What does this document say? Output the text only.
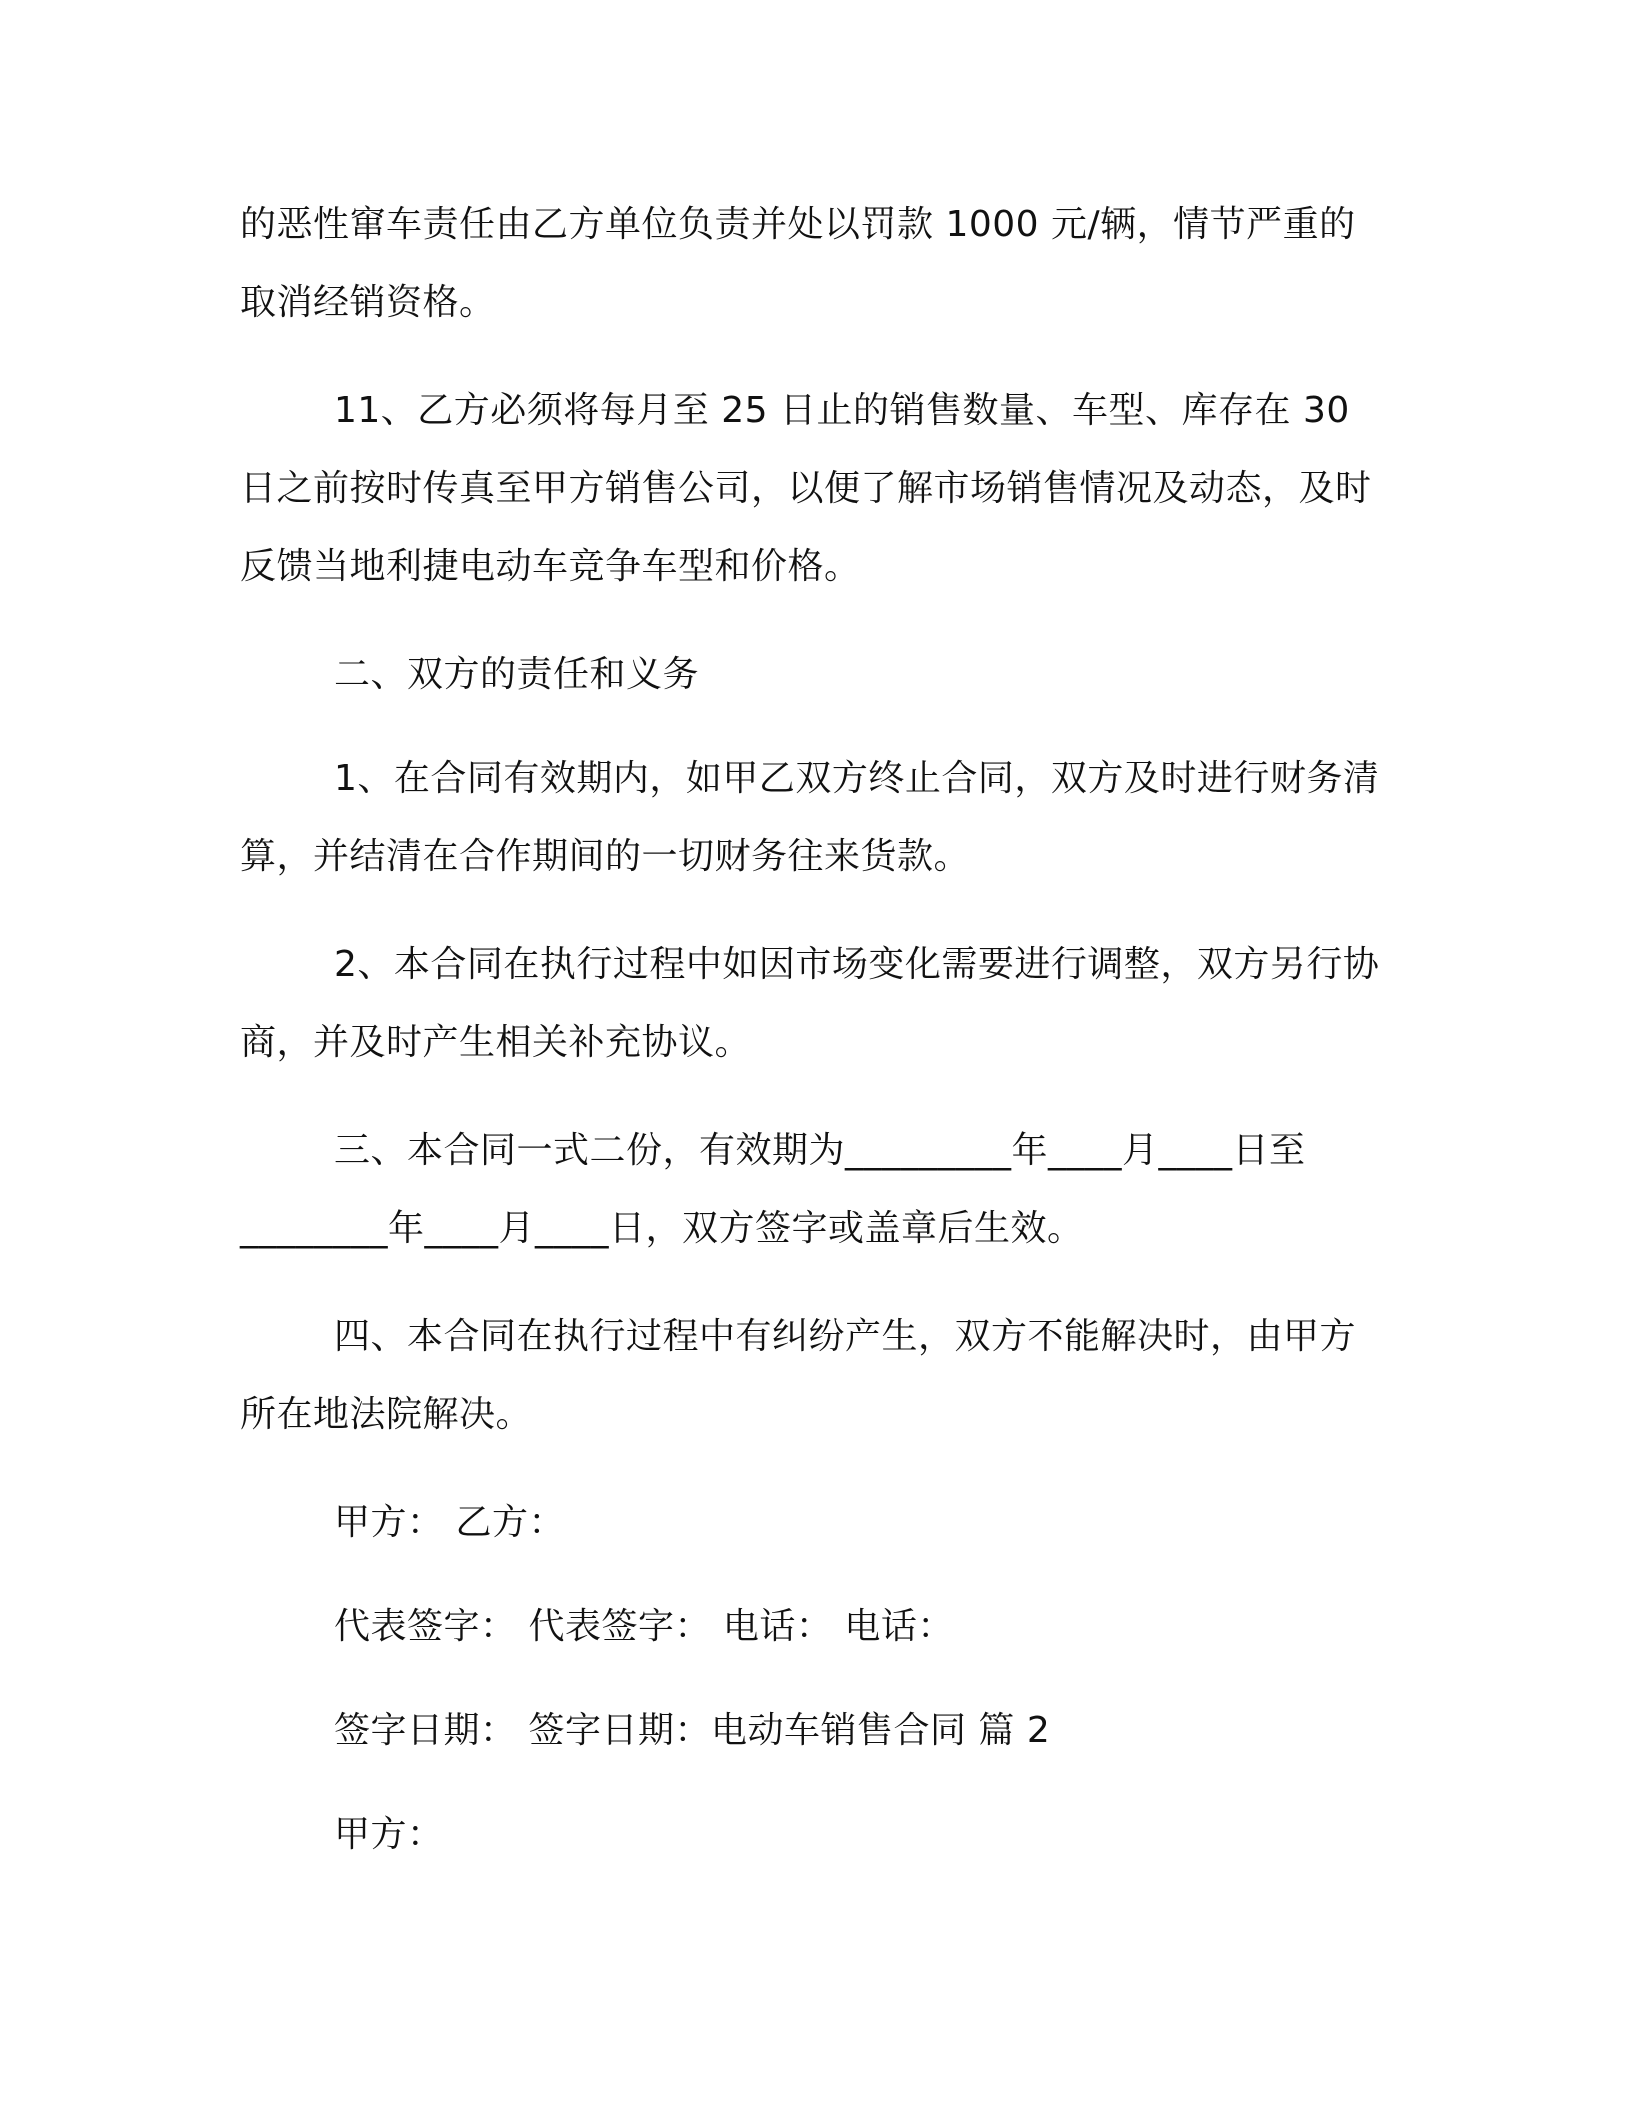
的恶性窜车责任由乙方单位负责并处以罚款 1000 元/辆，情节严重的取消经销资格。

11、乙方必须将每月至 25 日止的销售数量、车型、库存在 30 日之前按时传真至甲方销售公司，以便了解市场销售情况及动态，及时反馈当地利捷电动车竞争车型和价格。

二、双方的责任和义务

1、在合同有效期内，如甲乙双方终止合同，双方及时进行财务清算，并结清在合作期间的一切财务往来货款。

2、本合同在执行过程中如因市场变化需要进行调整，双方另行协商，并及时产生相关补充协议。

三、本合同一式二份，有效期为_________年____月____日至________年____月____日，双方签字或盖章后生效。

四、本合同在执行过程中有纠纷产生，双方不能解决时，由甲方所在地法院解决。

甲方： 乙方：

代表签字： 代表签字： 电话： 电话：

签字日期： 签字日期：电动车销售合同 篇 2

甲方：
